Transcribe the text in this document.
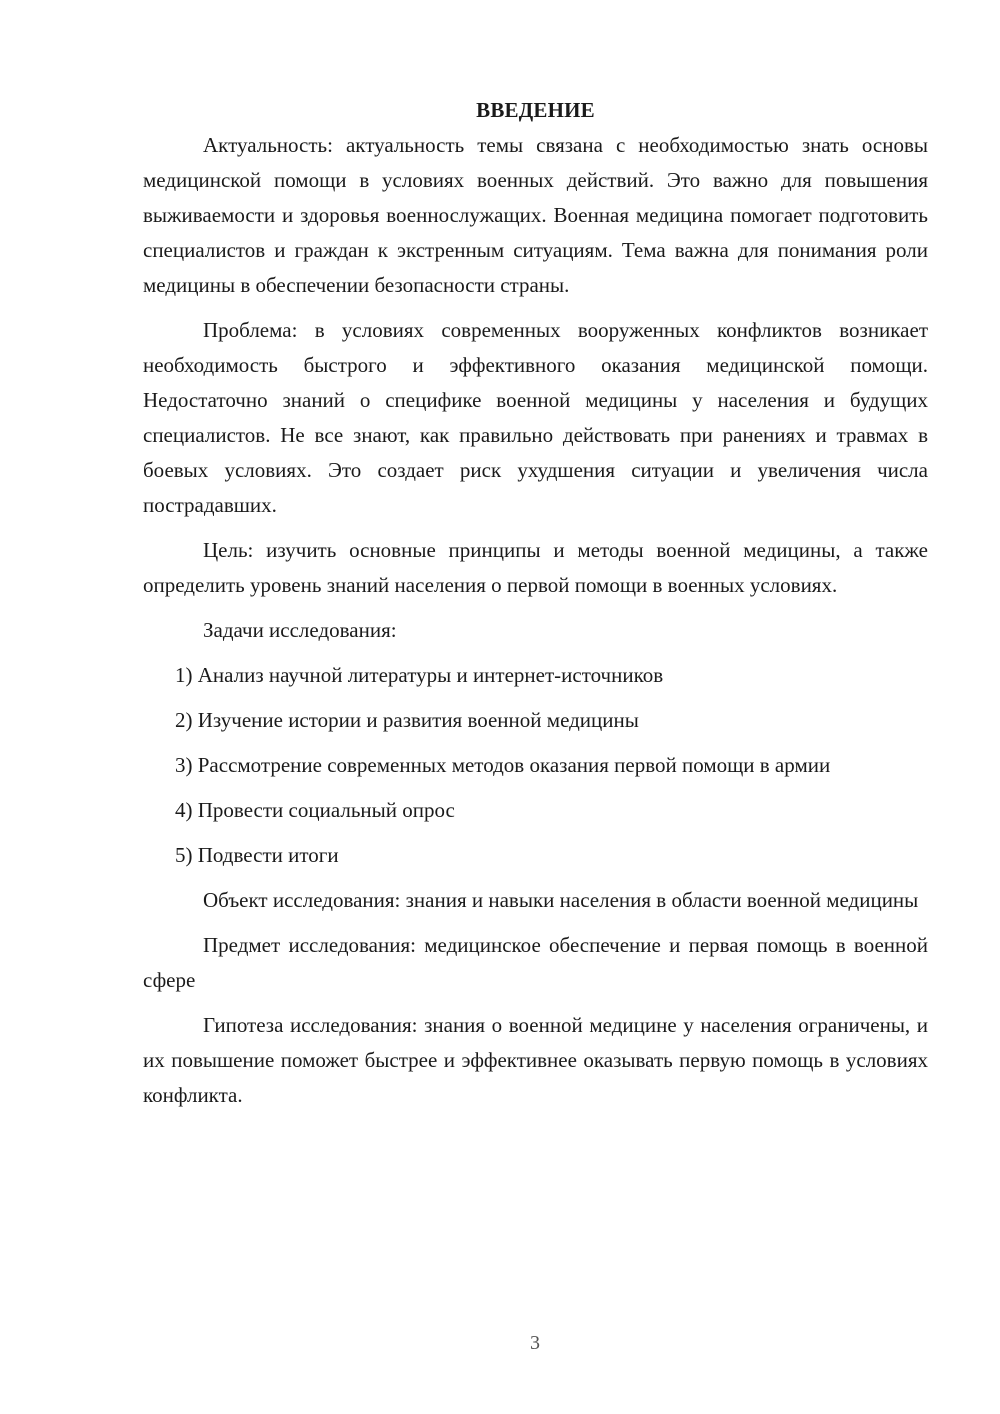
ВВЕДЕНИЕ

Актуальность: актуальность темы связана с необходимостью знать основы медицинской помощи в условиях военных действий. Это важно для повышения выживаемости и здоровья военнослужащих. Военная медицина помогает подготовить специалистов и граждан к экстренным ситуациям. Тема важна для понимания роли медицины в обеспечении безопасности страны.

Проблема: в условиях современных вооруженных конфликтов возникает необходимость быстрого и эффективного оказания медицинской помощи. Недостаточно знаний о специфике военной медицины у населения и будущих специалистов. Не все знают, как правильно действовать при ранениях и травмах в боевых условиях. Это создает риск ухудшения ситуации и увеличения числа пострадавших.

Цель: изучить основные принципы и методы военной медицины, а также определить уровень знаний населения о первой помощи в военных условиях.

Задачи исследования:

1) Анализ научной литературы и интернет-источников

2) Изучение истории и развития военной медицины

3) Рассмотрение современных методов оказания первой помощи в армии

4) Провести социальный опрос

5) Подвести итоги

Объект исследования: знания и навыки населения в области военной медицины

Предмет исследования: медицинское обеспечение и первая помощь в военной сфере

Гипотеза исследования: знания о военной медицине у населения ограничены, и их повышение поможет быстрее и эффективнее оказывать первую помощь в условиях конфликта.

3
